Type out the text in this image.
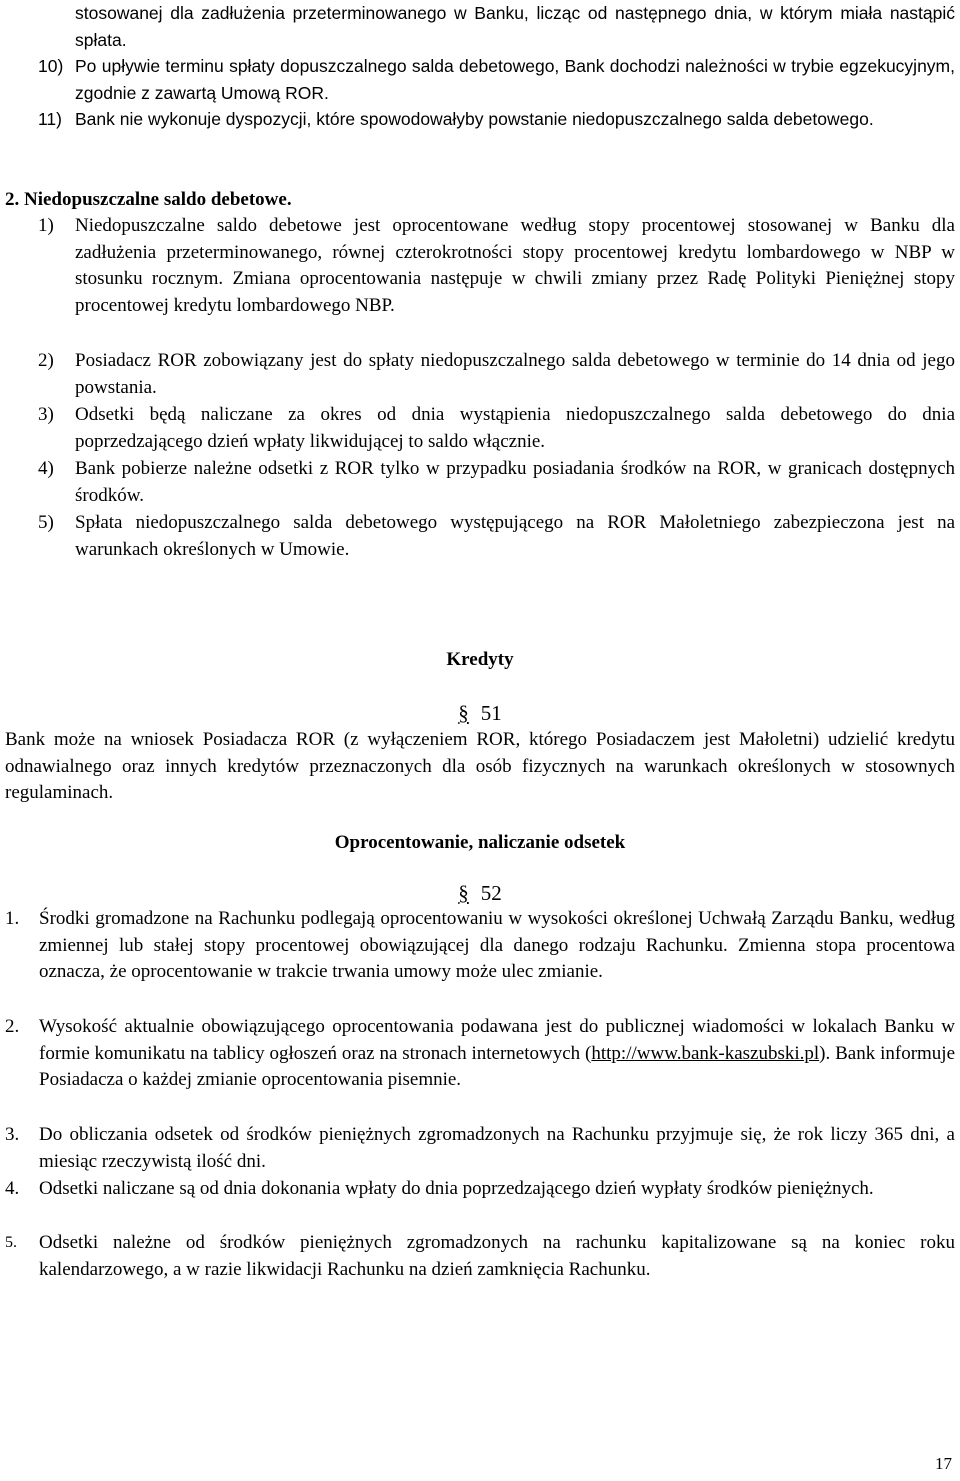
stosowanej dla zadłużenia przeterminowanego w Banku, licząc od następnego dnia, w którym miała nastąpić spłata.
10) Po upływie terminu spłaty dopuszczalnego salda debetowego, Bank dochodzi należności w trybie egzekucyjnym, zgodnie z zawartą Umową ROR.
11) Bank nie wykonuje dyspozycji, które spowodowałyby powstanie niedopuszczalnego salda debetowego.
2. Niedopuszczalne saldo debetowe.
1) Niedopuszczalne saldo debetowe jest oprocentowane według stopy procentowej stosowanej w Banku dla zadłużenia przeterminowanego, równej czterokrotności stopy procentowej kredytu lombardowego w NBP w stosunku rocznym. Zmiana oprocentowania następuje w chwili zmiany przez Radę Polityki Pieniężnej stopy procentowej kredytu lombardowego NBP.
2) Posiadacz ROR zobowiązany jest do spłaty niedopuszczalnego salda debetowego w terminie do 14 dnia od jego powstania.
3) Odsetki będą naliczane za okres od dnia wystąpienia niedopuszczalnego salda debetowego do dnia poprzedzającego dzień wpłaty likwidującej to saldo włącznie.
4) Bank pobierze należne odsetki z ROR tylko w przypadku posiadania środków na ROR, w granicach dostępnych środków.
5) Spłata niedopuszczalnego salda debetowego występującego na ROR Małoletniego zabezpieczona jest na warunkach określonych w Umowie.
Kredyty
§ 51
Bank może na wniosek Posiadacza ROR (z wyłączeniem ROR, którego Posiadaczem jest Małoletni) udzielić kredytu odnawialnego oraz innych kredytów przeznaczonych dla osób fizycznych na warunkach określonych w stosownych regulaminach.
Oprocentowanie, naliczanie odsetek
§ 52
1. Środki gromadzone na Rachunku podlegają oprocentowaniu w wysokości określonej Uchwałą Zarządu Banku, według zmiennej lub stałej stopy procentowej obowiązującej dla danego rodzaju Rachunku. Zmienna stopa procentowa oznacza, że oprocentowanie w trakcie trwania umowy może ulec zmianie.
2. Wysokość aktualnie obowiązującego oprocentowania podawana jest do publicznej wiadomości w lokalach Banku w formie komunikatu na tablicy ogłoszeń oraz na stronach internetowych (http://www.bank-kaszubski.pl). Bank informuje Posiadacza o każdej zmianie oprocentowania pisemnie.
3. Do obliczania odsetek od środków pieniężnych zgromadzonych na Rachunku przyjmuje się, że rok liczy 365 dni, a miesiąc rzeczywistą ilość dni.
4. Odsetki naliczane są od dnia dokonania wpłaty do dnia poprzedzającego dzień wypłaty środków pieniężnych.
5. Odsetki należne od środków pieniężnych zgromadzonych na rachunku kapitalizowane są na koniec roku kalendarzowego, a w razie likwidacji Rachunku na dzień zamknięcia Rachunku.
17
